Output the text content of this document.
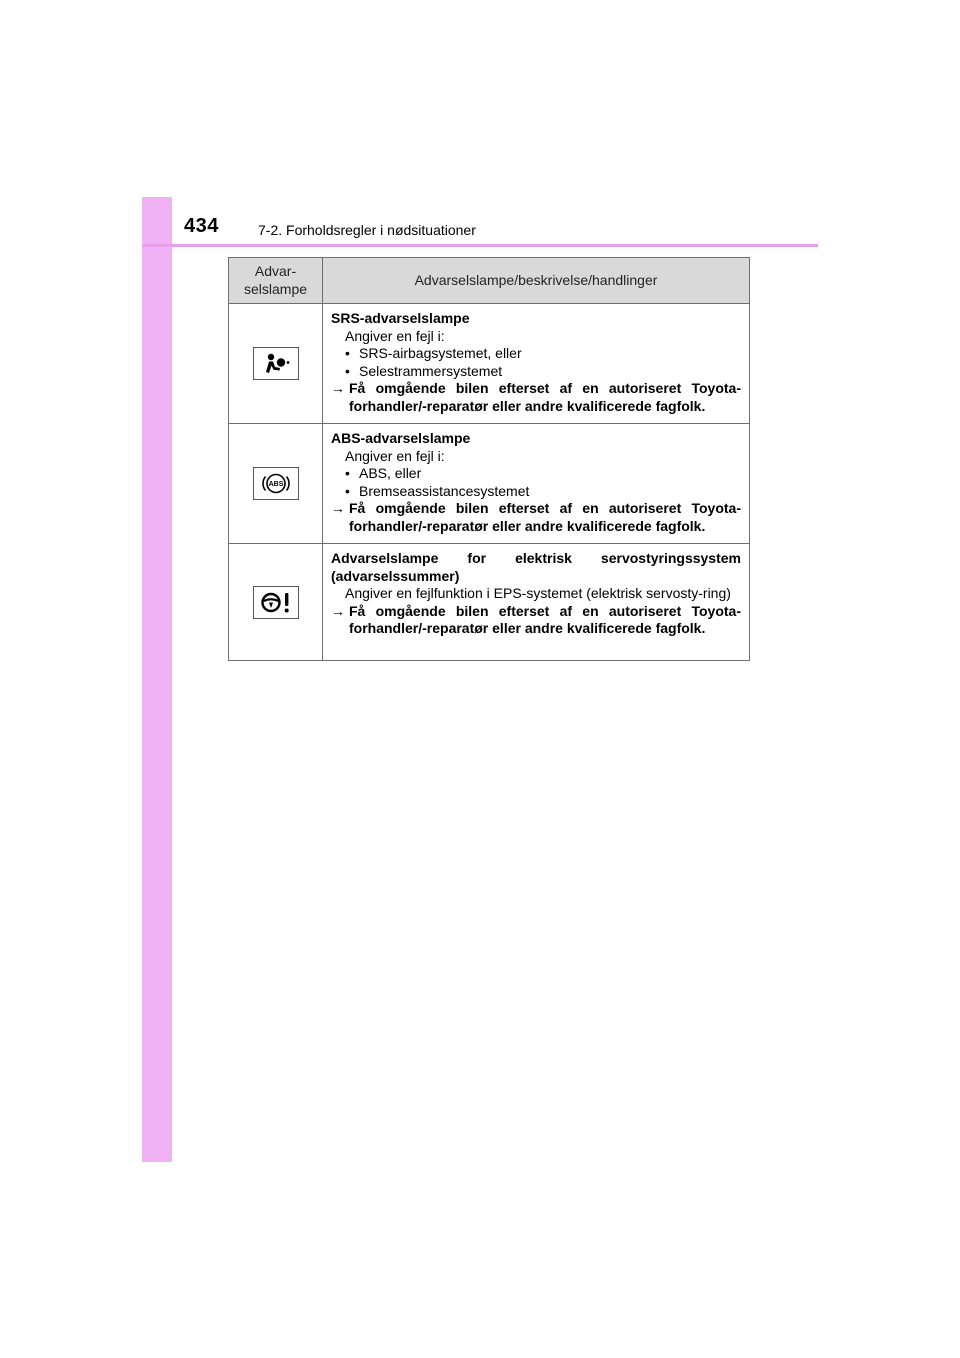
434	7-2. Forholdsregler i nødsituationer
Advar-
selslampe	Advarselslampe/beskrivelse/handlinger

SRS-advarselslampe
Angiver en fejl i:
• SRS-airbagsystemet, eller
• Selestrammersystemet
→ Få omgående bilen efterset af en autoriseret Toyota-forhandler/-reparatør eller andre kvalificerede fagfolk.

ABS	ABS-advarselslampe
Angiver en fejl i:
• ABS, eller
• Bremseassistancesystemet
→ Få omgående bilen efterset af en autoriseret Toyota-forhandler/-reparatør eller andre kvalificerede fagfolk.

Advarselslampe for elektrisk servostyringssystem (advarselssummer)
Angiver en fejlfunktion i EPS-systemet (elektrisk servosty-ring)
→ Få omgående bilen efterset af en autoriseret Toyota-forhandler/-reparatør eller andre kvalificerede fagfolk.
